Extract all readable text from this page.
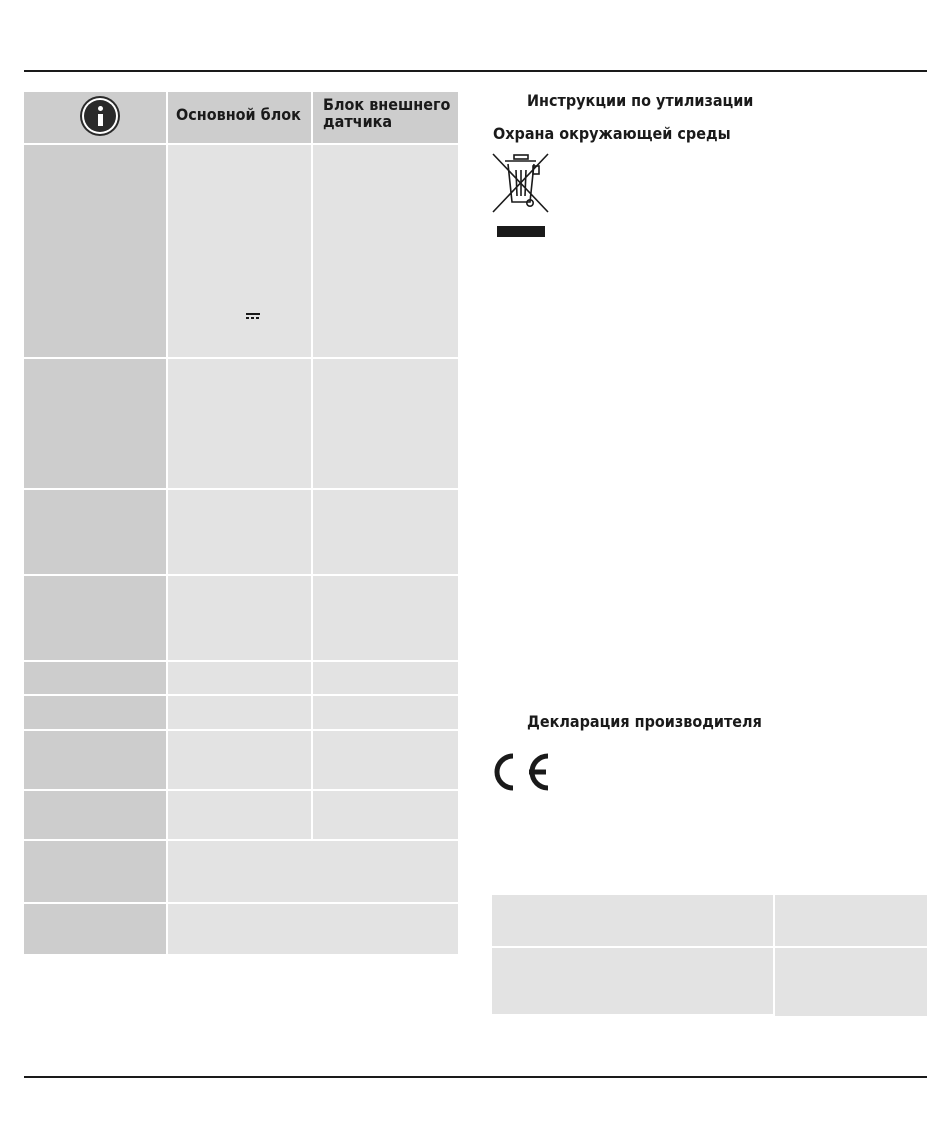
Основной блок
Блок внешнего датчика
Инструкции по утилизации
Охрана окружающей среды
Декларация производителя
